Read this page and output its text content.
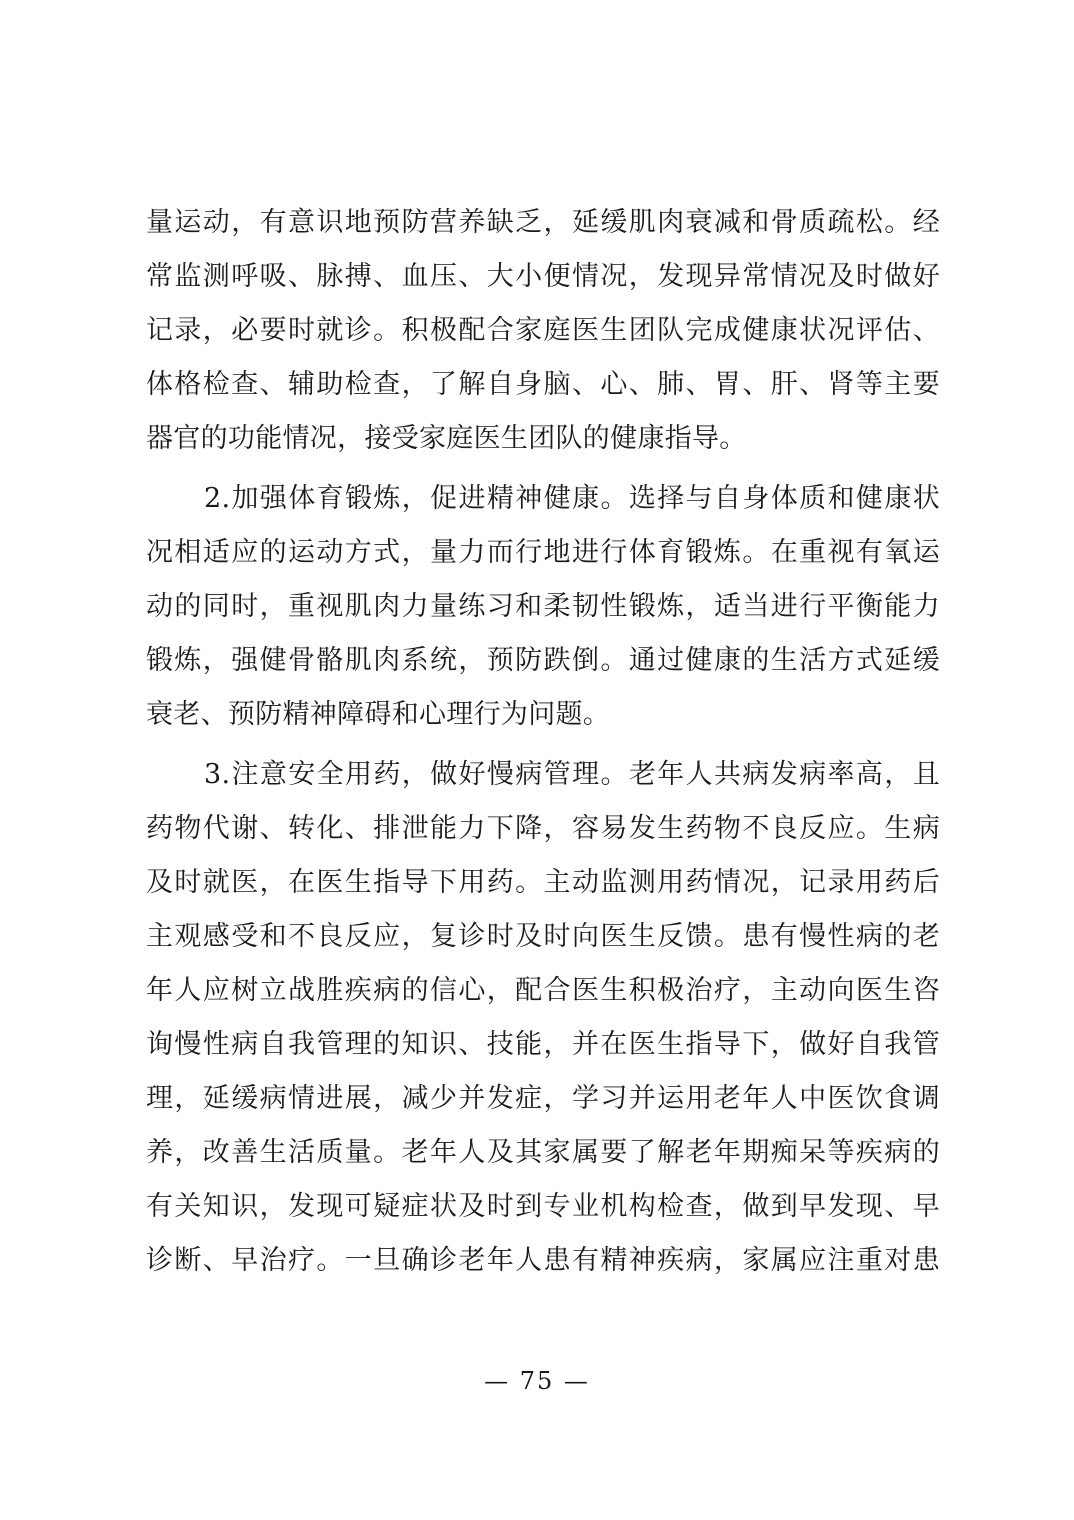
量运动，有意识地预防营养缺乏，延缓肌肉衰减和骨质疏松。经
常监测呼吸、脉搏、血压、大小便情况，发现异常情况及时做好
记录，必要时就诊。积极配合家庭医生团队完成健康状况评估、
体格检查、辅助检查，了解自身脑、心、肺、胃、肝、肾等主要
器官的功能情况，接受家庭医生团队的健康指导。
2.加强体育锻炼，促进精神健康。选择与自身体质和健康状
况相适应的运动方式，量力而行地进行体育锻炼。在重视有氧运
动的同时，重视肌肉力量练习和柔韧性锻炼，适当进行平衡能力
锻炼，强健骨骼肌肉系统，预防跌倒。通过健康的生活方式延缓
衰老、预防精神障碍和心理行为问题。
3.注意安全用药，做好慢病管理。老年人共病发病率高，且
药物代谢、转化、排泄能力下降，容易发生药物不良反应。生病
及时就医，在医生指导下用药。主动监测用药情况，记录用药后
主观感受和不良反应，复诊时及时向医生反馈。患有慢性病的老
年人应树立战胜疾病的信心，配合医生积极治疗，主动向医生咨
询慢性病自我管理的知识、技能，并在医生指导下，做好自我管
理，延缓病情进展，减少并发症，学习并运用老年人中医饮食调
养，改善生活质量。老年人及其家属要了解老年期痴呆等疾病的
有关知识，发现可疑症状及时到专业机构检查，做到早发现、早
诊断、早治疗。一旦确诊老年人患有精神疾病，家属应注重对患
— 75 —
